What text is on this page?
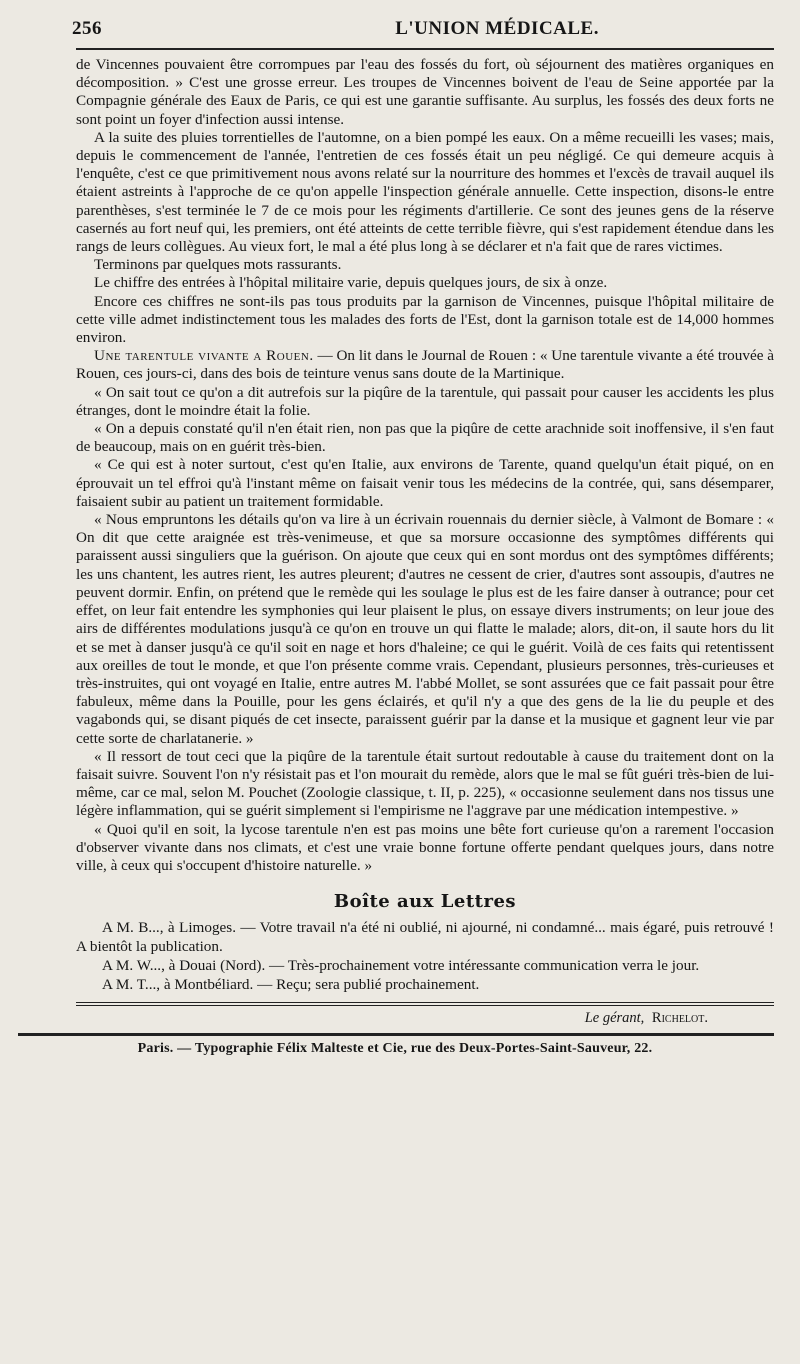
256	L'UNION MÉDICALE.

de Vincennes pouvaient être corrompues par l'eau des fossés du fort, où séjournent des matières organiques en décomposition. » C'est une grosse erreur. Les troupes de Vincennes boivent de l'eau de Seine apportée par la Compagnie générale des Eaux de Paris, ce qui est une garantie suffisante. Au surplus, les fossés des deux forts ne sont point un foyer d'infection aussi intense.

A la suite des pluies torrentielles de l'automne, on a bien pompé les eaux. On a même recueilli les vases; mais, depuis le commencement de l'année, l'entretien de ces fossés était un peu négligé. Ce qui demeure acquis à l'enquête, c'est ce que primitivement nous avons relaté sur la nourriture des hommes et l'excès de travail auquel ils étaient astreints à l'approche de ce qu'on appelle l'inspection générale annuelle. Cette inspection, disons-le entre parenthèses, s'est terminée le 7 de ce mois pour les régiments d'artillerie. Ce sont des jeunes gens de la réserve casernés au fort neuf qui, les premiers, ont été atteints de cette terrible fièvre, qui s'est rapidement étendue dans les rangs de leurs collègues. Au vieux fort, le mal a été plus long à se déclarer et n'a fait que de rares victimes.

Terminons par quelques mots rassurants.

Le chiffre des entrées à l'hôpital militaire varie, depuis quelques jours, de six à onze.

Encore ces chiffres ne sont-ils pas tous produits par la garnison de Vincennes, puisque l'hôpital militaire de cette ville admet indistinctement tous les malades des forts de l'Est, dont la garnison totale est de 14,000 hommes environ.

Une tarentule vivante a Rouen. — On lit dans le Journal de Rouen : « Une tarentule vivante a été trouvée à Rouen, ces jours-ci, dans des bois de teinture venus sans doute de la Martinique.

« On sait tout ce qu'on a dit autrefois sur la piqûre de la tarentule, qui passait pour causer les accidents les plus étranges, dont le moindre était la folie.

« On a depuis constaté qu'il n'en était rien, non pas que la piqûre de cette arachnide soit inoffensive, il s'en faut de beaucoup, mais on en guérit très-bien.

« Ce qui est à noter surtout, c'est qu'en Italie, aux environs de Tarente, quand quelqu'un était piqué, on en éprouvait un tel effroi qu'à l'instant même on faisait venir tous les médecins de la contrée, qui, sans désemparer, faisaient subir au patient un traitement formidable.

« Nous empruntons les détails qu'on va lire à un écrivain rouennais du dernier siècle, à Valmont de Bomare : « On dit que cette araignée est très-venimeuse, et que sa morsure occasionne des symptômes différents qui paraissent aussi singuliers que la guérison. On ajoute que ceux qui en sont mordus ont des symptômes différents; les uns chantent, les autres rient, les autres pleurent; d'autres ne cessent de crier, d'autres sont assoupis, d'autres ne peuvent dormir. Enfin, on prétend que le remède qui les soulage le plus est de les faire danser à outrance; pour cet effet, on leur fait entendre les symphonies qui leur plaisent le plus, on essaye divers instruments; on leur joue des airs de différentes modulations jusqu'à ce qu'on en trouve un qui flatte le malade; alors, dit-on, il saute hors du lit et se met à danser jusqu'à ce qu'il soit en nage et hors d'haleine; ce qui le guérit. Voilà de ces faits qui retentissent aux oreilles de tout le monde, et que l'on présente comme vrais. Cependant, plusieurs personnes, très-curieuses et très-instruites, qui ont voyagé en Italie, entre autres M. l'abbé Mollet, se sont assurées que ce fait passait pour être fabuleux, même dans la Pouille, pour les gens éclairés, et qu'il n'y a que des gens de la lie du peuple et des vagabonds qui, se disant piqués de cet insecte, paraissent guérir par la danse et la musique et gagnent leur vie par cette sorte de charlatanerie. »

« Il ressort de tout ceci que la piqûre de la tarentule était surtout redoutable à cause du traitement dont on la faisait suivre. Souvent l'on n'y résistait pas et l'on mourait du remède, alors que le mal se fût guéri très-bien de lui-même, car ce mal, selon M. Pouchet (Zoologie classique, t. II, p. 225), « occasionne seulement dans nos tissus une légère inflammation, qui se guérit simplement si l'empirisme ne l'aggrave par une médication intempestive. »

« Quoi qu'il en soit, la lycose tarentule n'en est pas moins une bête fort curieuse qu'on a rarement l'occasion d'observer vivante dans nos climats, et c'est une vraie bonne fortune offerte pendant quelques jours, dans notre ville, à ceux qui s'occupent d'histoire naturelle. »

Boîte aux Lettres

A M. B..., à Limoges. — Votre travail n'a été ni oublié, ni ajourné, ni condamné... mais égaré, puis retrouvé ! A bientôt la publication.

A M. W..., à Douai (Nord). — Très-prochainement votre intéressante communication verra le jour.

A M. T..., à Montbéliard. — Reçu; sera publié prochainement.

Le gérant, Richelot.
Paris. — Typographie Félix Malteste et Cie, rue des Deux-Portes-Saint-Sauveur, 22.
